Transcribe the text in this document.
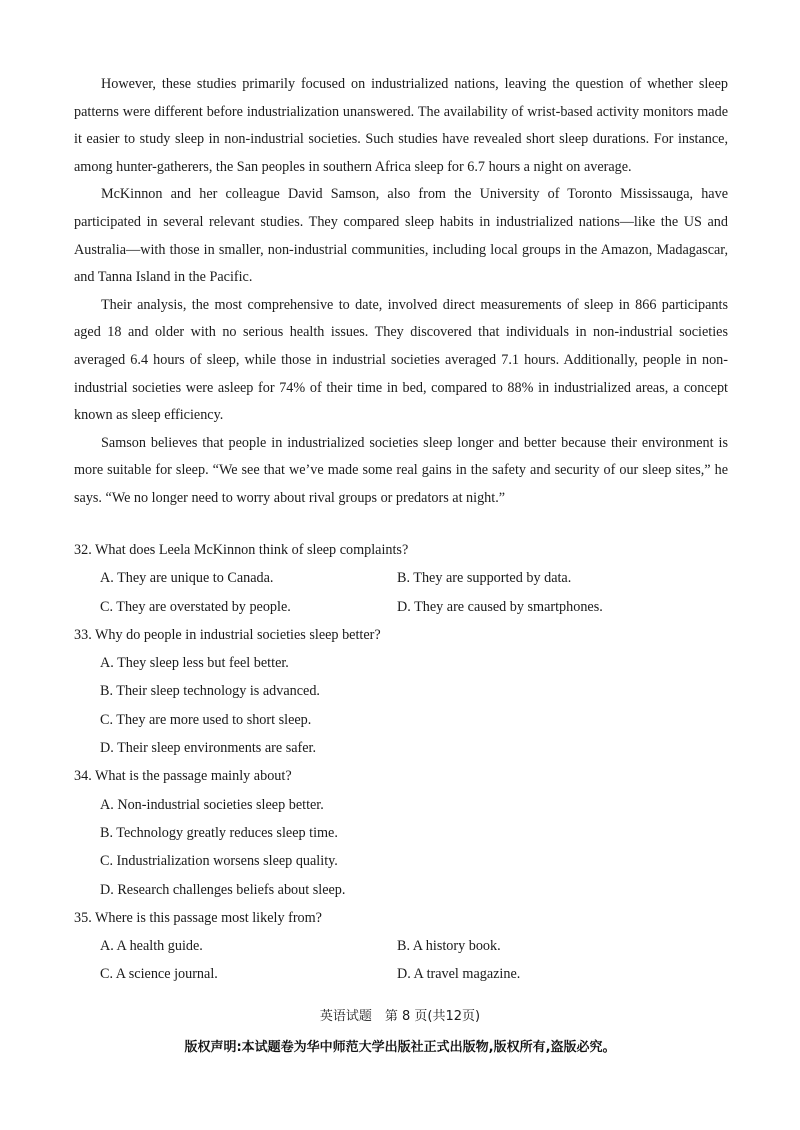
However, these studies primarily focused on industrialized nations, leaving the question of whether sleep patterns were different before industrialization unanswered. The availability of wrist-based activity monitors made it easier to study sleep in non-industrial societies. Such studies have revealed short sleep durations. For instance, among hunter-gatherers, the San peoples in southern Africa sleep for 6.7 hours a night on average.

McKinnon and her colleague David Samson, also from the University of Toronto Mississauga, have participated in several relevant studies. They compared sleep habits in industrialized nations—like the US and Australia—with those in smaller, non-industrial communities, including local groups in the Amazon, Madagascar, and Tanna Island in the Pacific.

Their analysis, the most comprehensive to date, involved direct measurements of sleep in 866 participants aged 18 and older with no serious health issues. They discovered that individuals in non-industrial societies averaged 6.4 hours of sleep, while those in industrial societies averaged 7.1 hours. Additionally, people in non-industrial societies were asleep for 74% of their time in bed, compared to 88% in industrialized areas, a concept known as sleep efficiency.

Samson believes that people in industrialized societies sleep longer and better because their environment is more suitable for sleep. “We see that we’ve made some real gains in the safety and security of our sleep sites,” he says. “We no longer need to worry about rival groups or predators at night.”

32. What does Leela McKinnon think of sleep complaints?
A. They are unique to Canada.	B. They are supported by data.
C. They are overstated by people.	D. They are caused by smartphones.
33. Why do people in industrial societies sleep better?
A. They sleep less but feel better.
B. Their sleep technology is advanced.
C. They are more used to short sleep.
D. Their sleep environments are safer.
34. What is the passage mainly about?
A. Non-industrial societies sleep better.
B. Technology greatly reduces sleep time.
C. Industrialization worsens sleep quality.
D. Research challenges beliefs about sleep.
35. Where is this passage most likely from?
A. A health guide.	B. A history book.
C. A science journal.	D. A travel magazine.
英语试题　第 8 页(共12页)
版权声明:本试题卷为华中师范大学出版社正式出版物,版权所有,盗版必究。
